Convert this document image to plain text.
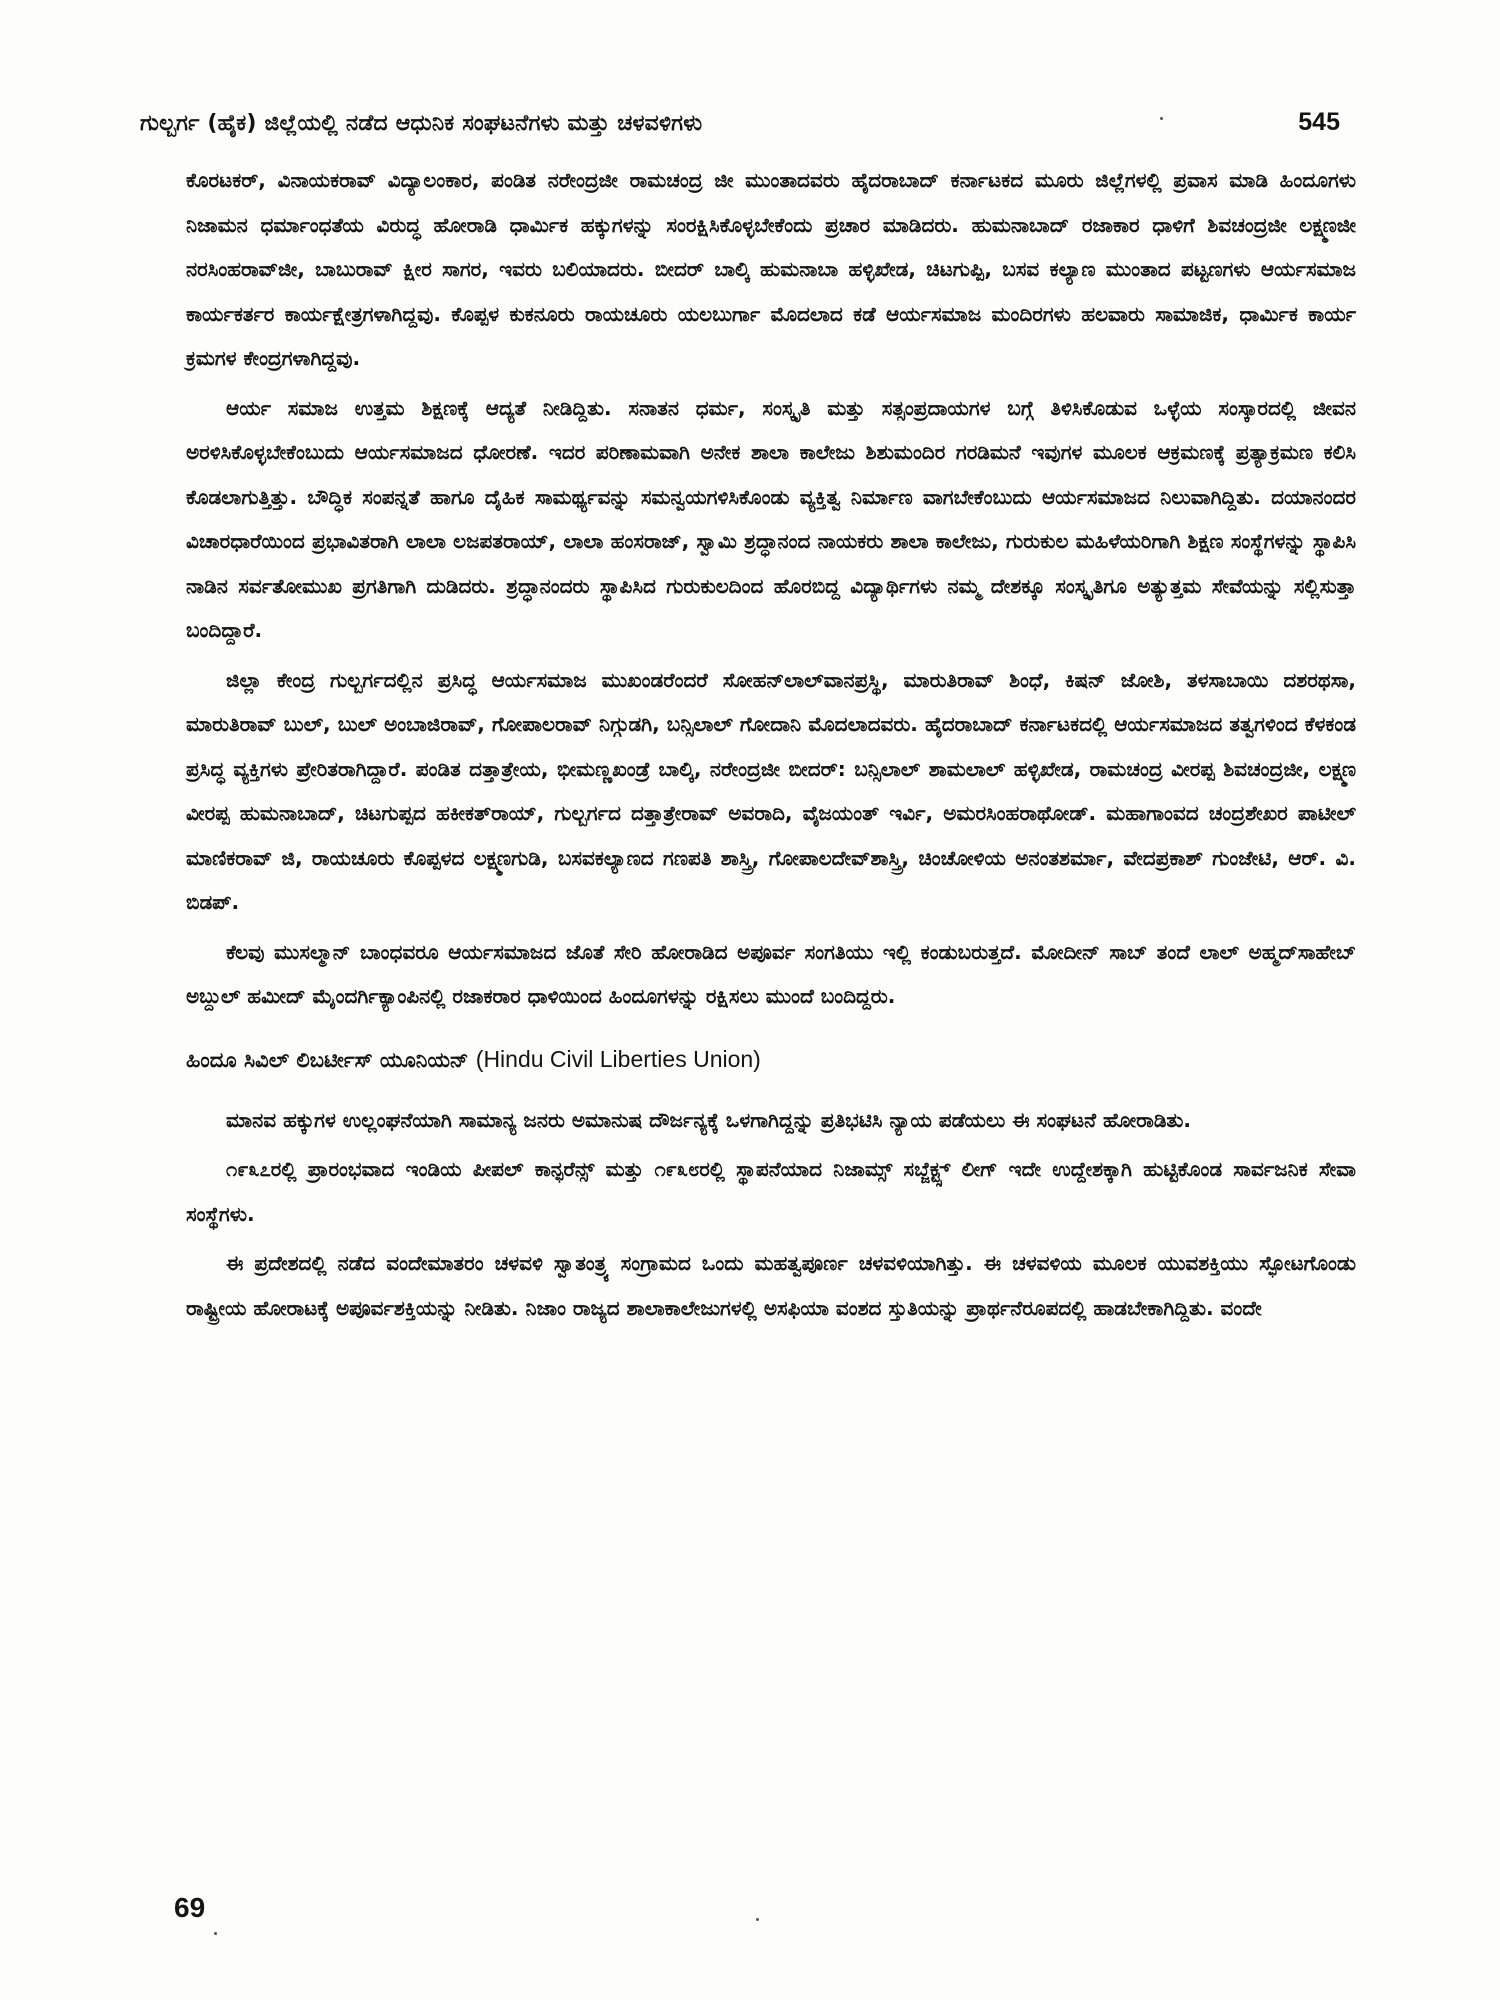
ಗುಲ್ಬರ್ಗ (ಹೈಕ) ಜಿಲ್ಲೆಯಲ್ಲಿ ನಡೆದ ಆಧುನಿಕ ಸಂಘಟನೆಗಳು ಮತ್ತು ಚಳವಳಿಗಳು	545

ಕೊರಟಕರ್, ವಿನಾಯಕರಾವ್ ವಿದ್ಯಾಲಂಕಾರ, ಪಂಡಿತ ನರೇಂದ್ರಜೀ ರಾಮಚಂದ್ರ ಜೀ ಮುಂತಾದವರು ಹೈದರಾಬಾದ್ ಕರ್ನಾಟಕದ ಮೂರು ಜಿಲ್ಲೆಗಳಲ್ಲಿ ಪ್ರವಾಸ ಮಾಡಿ ಹಿಂದೂಗಳು ನಿಜಾಮನ ಧರ್ಮಾಂಧತೆಯ ವಿರುದ್ಧ ಹೋರಾಡಿ ಧಾರ್ಮಿಕ ಹಕ್ಕುಗಳನ್ನು ಸಂರಕ್ಷಿಸಿಕೊಳ್ಳಬೇಕೆಂದು ಪ್ರಚಾರ ಮಾಡಿದರು. ಹುಮನಾಬಾದ್ ರಜಾಕಾರ ಧಾಳಿಗೆ ಶಿವಚಂದ್ರಜೀ ಲಕ್ಷ್ಮಣಜೀ ನರಸಿಂಹರಾವ್‌ಜೀ, ಬಾಬುರಾವ್ ಕ್ಷೀರ ಸಾಗರ, ಇವರು ಬಲಿಯಾದರು. ಬೀದರ್ ಬಾಲ್ಕಿ ಹುಮನಾಬಾ ಹಳ್ಳಿಖೇಡ, ಚಿಟಗುಪ್ಪಿ, ಬಸವ ಕಲ್ಯಾಣ ಮುಂತಾದ ಪಟ್ಟಣಗಳು ಆರ್ಯಸಮಾಜ ಕಾರ್ಯಕರ್ತರ ಕಾರ್ಯಕ್ಷೇತ್ರಗಳಾಗಿದ್ದವು. ಕೊಪ್ಪಳ ಕುಕನೂರು ರಾಯಚೂರು ಯಲಬುರ್ಗಾ ಮೊದಲಾದ ಕಡೆ ಆರ್ಯಸಮಾಜ ಮಂದಿರಗಳು ಹಲವಾರು ಸಾಮಾಜಿಕ, ಧಾರ್ಮಿಕ ಕಾರ್ಯ ಕ್ರಮಗಳ ಕೇಂದ್ರಗಳಾಗಿದ್ದವು.

ಆರ್ಯ ಸಮಾಜ ಉತ್ತಮ ಶಿಕ್ಷಣಕ್ಕೆ ಆದ್ಯತೆ ನೀಡಿದ್ದಿತು. ಸನಾತನ ಧರ್ಮ, ಸಂಸ್ಕೃತಿ ಮತ್ತು ಸತ್ಸಂಪ್ರದಾಯಗಳ ಬಗ್ಗೆ ತಿಳಿಸಿಕೊಡುವ ಒಳ್ಳೆಯ ಸಂಸ್ಕಾರದಲ್ಲಿ ಜೀವನ ಅರಳಿಸಿಕೊಳ್ಳಬೇಕೆಂಬುದು ಆರ್ಯಸಮಾಜದ ಧೋರಣೆ. ಇದರ ಪರಿಣಾಮವಾಗಿ ಅನೇಕ ಶಾಲಾ ಕಾಲೇಜು ಶಿಶುಮಂದಿರ ಗರಡಿಮನೆ ಇವುಗಳ ಮೂಲಕ ಆಕ್ರಮಣಕ್ಕೆ ಪ್ರತ್ಯಾಕ್ರಮಣ ಕಲಿಸಿ ಕೊಡಲಾಗುತ್ತಿತ್ತು. ಬೌದ್ಧಿಕ ಸಂಪನ್ನತೆ ಹಾಗೂ ದೈಹಿಕ ಸಾಮರ್ಥ್ಯವನ್ನು ಸಮನ್ವಯಗಳಿಸಿಕೊಂಡು ವ್ಯಕ್ತಿತ್ವ ನಿರ್ಮಾಣ ವಾಗಬೇಕೆಂಬುದು ಆರ್ಯಸಮಾಜದ ನಿಲುವಾಗಿದ್ದಿತು. ದಯಾನಂದರ ವಿಚಾರಧಾರೆಯಿಂದ ಪ್ರಭಾವಿತರಾಗಿ ಲಾಲಾ ಲಜಪತರಾಯ್, ಲಾಲಾ ಹಂಸರಾಜ್, ಸ್ವಾಮಿ ಶ್ರದ್ಧಾನಂದ ನಾಯಕರು ಶಾಲಾ ಕಾಲೇಜು, ಗುರುಕುಲ ಮಹಿಳೆಯರಿಗಾಗಿ ಶಿಕ್ಷಣ ಸಂಸ್ಥೆಗಳನ್ನು ಸ್ಥಾಪಿಸಿ ನಾಡಿನ ಸರ್ವತೋಮುಖ ಪ್ರಗತಿಗಾಗಿ ದುಡಿದರು. ಶ್ರದ್ಧಾನಂದರು ಸ್ಥಾಪಿಸಿದ ಗುರುಕುಲದಿಂದ ಹೊರಬಿದ್ದ ವಿದ್ಯಾರ್ಥಿಗಳು ನಮ್ಮ ದೇಶಕ್ಕೂ ಸಂಸ್ಕೃತಿಗೂ ಅತ್ಯುತ್ತಮ ಸೇವೆಯನ್ನು ಸಲ್ಲಿಸುತ್ತಾ ಬಂದಿದ್ದಾರೆ.

ಜಿಲ್ಲಾ ಕೇಂದ್ರ ಗುಲ್ಬರ್ಗದಲ್ಲಿನ ಪ್ರಸಿದ್ಧ ಆರ್ಯಸಮಾಜ ಮುಖಂಡರೆಂದರೆ ಸೋಹನ್‌ಲಾಲ್‌ವಾನಪ್ರಸ್ಥಿ, ಮಾರುತಿರಾವ್ ಶಿಂಧೆ, ಕಿಷನ್ ಜೋಶಿ, ತಳಸಾಬಾಯಿ ದಶರಥಸಾ, ಮಾರುತಿರಾವ್ ಬುಲ್, ಬುಲ್ ಅಂಬಾಜಿರಾವ್, ಗೋಪಾಲರಾವ್ ನಿಗ್ಗುಡಗಿ, ಬನ್ಸಿಲಾಲ್ ಗೋದಾನಿ ಮೊದಲಾದವರು. ಹೈದರಾಬಾದ್ ಕರ್ನಾಟಕದಲ್ಲಿ ಆರ್ಯಸಮಾಜದ ತತ್ವಗಳಿಂದ ಕೆಳಕಂಡ ಪ್ರಸಿದ್ಧ ವ್ಯಕ್ತಿಗಳು ಪ್ರೇರಿತರಾಗಿದ್ದಾರೆ. ಪಂಡಿತ ದತ್ತಾತ್ರೇಯ, ಭೀಮಣ್ಣಖಂಡ್ರೆ ಬಾಲ್ಕಿ, ನರೇಂದ್ರಜೀ ಬೀದರ್: ಬನ್ಸಿಲಾಲ್ ಶಾಮಲಾಲ್ ಹಳ್ಳಿಖೇಡ, ರಾಮಚಂದ್ರ ವೀರಪ್ಪ ಶಿವಚಂದ್ರಜೀ, ಲಕ್ಷ್ಮಣ ವೀರಪ್ಪ ಹುಮನಾಬಾದ್, ಚಿಟಗುಪ್ಪದ ಹಕೀಕತ್‌ರಾಯ್, ಗುಲ್ಬರ್ಗದ ದತ್ತಾತ್ರೇರಾವ್ ಅವರಾದಿ, ವೈಜಯಂತ್ ಇರ್ವಿ, ಅಮರಸಿಂಹರಾಥೋಡ್. ಮಹಾಗಾಂವದ ಚಂದ್ರಶೇಖರ ಪಾಟೀಲ್ ಮಾಣಿಕರಾವ್ ಜಿ, ರಾಯಚೂರು ಕೊಪ್ಪಳದ ಲಕ್ಷ್ಮಣಗುಡಿ, ಬಸವಕಲ್ಯಾಣದ ಗಣಪತಿ ಶಾಸ್ತ್ರಿ, ಗೋಪಾಲದೇವ್‌ಶಾಸ್ತ್ರಿ, ಚಿಂಚೋಳಿಯ ಅನಂತಶರ್ಮಾ, ವೇದಪ್ರಕಾಶ್ ಗುಂಜೇಟಿ, ಆರ್. ವಿ. ಬಿಡಪ್.

ಕೆಲವು ಮುಸಲ್ಮಾನ್ ಬಾಂಧವರೂ ಆರ್ಯಸಮಾಜದ ಜೊತೆ ಸೇರಿ ಹೋರಾಡಿದ ಅಪೂರ್ವ ಸಂಗತಿಯು ಇಲ್ಲಿ ಕಂಡುಬರುತ್ತದೆ. ಮೋದೀನ್ ಸಾಬ್ ತಂದೆ ಲಾಲ್ ಅಹ್ಮದ್‌ಸಾಹೇಬ್ ಅಬ್ದುಲ್ ಹಮೀದ್ ಮೈಂದರ್ಗಿಕ್ಯಾಂಪಿನಲ್ಲಿ ರಜಾಕರಾರ ಧಾಳಿಯಿಂದ ಹಿಂದೂಗಳನ್ನು ರಕ್ಷಿಸಲು ಮುಂದೆ ಬಂದಿದ್ದರು.

ಹಿಂದೂ ಸಿವಿಲ್ ಲಿಬರ್ಟೀಸ್ ಯೂನಿಯನ್ (Hindu Civil Liberties Union)

ಮಾನವ ಹಕ್ಕುಗಳ ಉಲ್ಲಂಘನೆಯಾಗಿ ಸಾಮಾನ್ಯ ಜನರು ಅಮಾನುಷ ದೌರ್ಜನ್ಯಕ್ಕೆ ಒಳಗಾಗಿದ್ದನ್ನು ಪ್ರತಿಭಟಿಸಿ ನ್ಯಾಯ ಪಡೆಯಲು ಈ ಸಂಘಟನೆ ಹೋರಾಡಿತು.

೧೯೩೭ರಲ್ಲಿ ಪ್ರಾರಂಭವಾದ ಇಂಡಿಯ ಪೀಪಲ್ ಕಾನ್ಫರೆನ್ಸ್ ಮತ್ತು ೧೯೩೮ರಲ್ಲಿ ಸ್ಥಾಪನೆಯಾದ ನಿಜಾಮ್ಸ್ ಸಬ್ಜೆಕ್ಟ್ಸ್ ಲೀಗ್ ಇದೇ ಉದ್ದೇಶಕ್ಕಾಗಿ ಹುಟ್ಟಿಕೊಂಡ ಸಾರ್ವಜನಿಕ ಸೇವಾ ಸಂಸ್ಥೆಗಳು.

ಈ ಪ್ರದೇಶದಲ್ಲಿ ನಡೆದ ವಂದೇಮಾತರಂ ಚಳವಳಿ ಸ್ವಾತಂತ್ರ್ಯ ಸಂಗ್ರಾಮದ ಒಂದು ಮಹತ್ವಪೂರ್ಣ ಚಳವಳಿಯಾಗಿತ್ತು. ಈ ಚಳವಳಿಯ ಮೂಲಕ ಯುವಶಕ್ತಿಯು ಸ್ಫೋಟಗೊಂಡು ರಾಷ್ಟ್ರೀಯ ಹೋರಾಟಕ್ಕೆ ಅಪೂರ್ವಶಕ್ತಿಯನ್ನು ನೀಡಿತು. ನಿಜಾಂ ರಾಜ್ಯದ ಶಾಲಾಕಾಲೇಜುಗಳಲ್ಲಿ ಅಸಫಿಯಾ ವಂಶದ ಸ್ತುತಿಯನ್ನು ಪ್ರಾರ್ಥನೆರೂಪದಲ್ಲಿ ಹಾಡಬೇಕಾಗಿದ್ದಿತು. ವಂದೇ

69
